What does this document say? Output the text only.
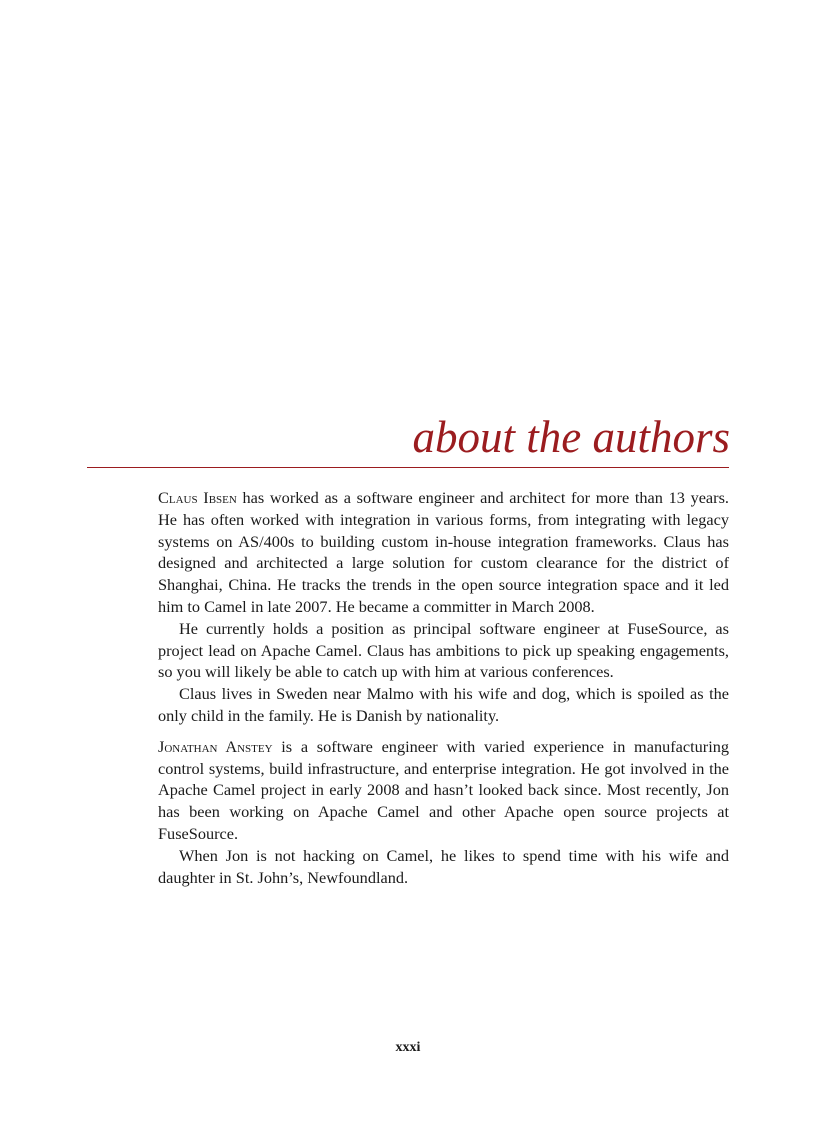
about the authors

Claus Ibsen has worked as a software engineer and architect for more than 13 years. He has often worked with integration in various forms, from integrating with legacy systems on AS/400s to building custom in-house integration frameworks. Claus has designed and architected a large solution for custom clearance for the district of Shanghai, China. He tracks the trends in the open source integration space and it led him to Camel in late 2007. He became a committer in March 2008.

He currently holds a position as principal software engineer at FuseSource, as project lead on Apache Camel. Claus has ambitions to pick up speaking engagements, so you will likely be able to catch up with him at various conferences.

Claus lives in Sweden near Malmo with his wife and dog, which is spoiled as the only child in the family. He is Danish by nationality.

Jonathan Anstey is a software engineer with varied experience in manufacturing control systems, build infrastructure, and enterprise integration. He got involved in the Apache Camel project in early 2008 and hasn’t looked back since. Most recently, Jon has been working on Apache Camel and other Apache open source projects at FuseSource.

When Jon is not hacking on Camel, he likes to spend time with his wife and daughter in St. John’s, Newfoundland.

xxxi
